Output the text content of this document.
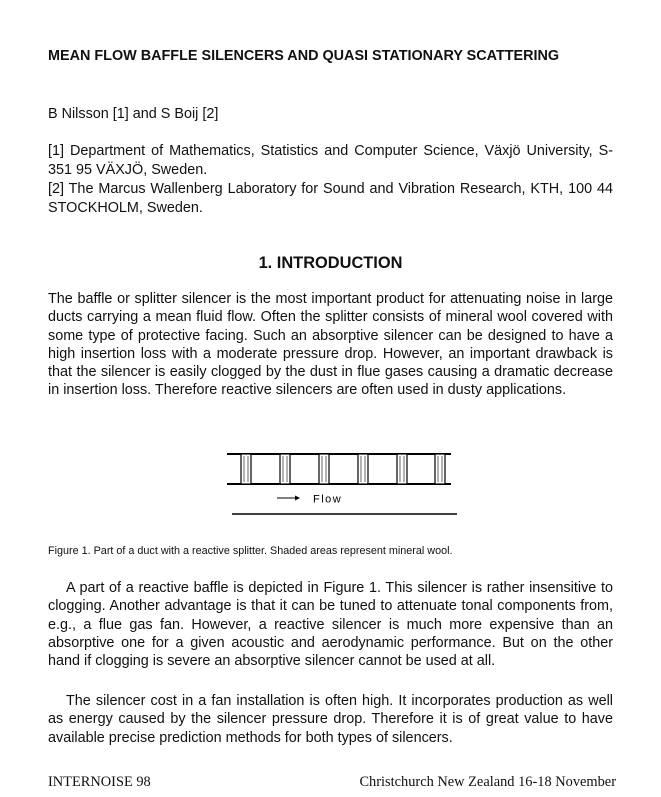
MEAN FLOW BAFFLE SILENCERS AND QUASI STATIONARY SCATTERING

B Nilsson [1] and S Boij [2]

[1] Department of Mathematics, Statistics and Computer Science, Växjö University, S-351 95 VÄXJÖ, Sweden.

[2] The Marcus Wallenberg Laboratory for Sound and Vibration Research, KTH, 100 44 STOCKHOLM, Sweden.

1. INTRODUCTION

The baffle or splitter silencer is the most important product for attenuating noise in large ducts carrying a mean fluid flow. Often the splitter consists of mineral wool covered with some type of protective facing. Such an absorptive silencer can be designed to have a high insertion loss with a moderate pressure drop. However, an important drawback is that the silencer is easily clogged by the dust in flue gases causing a dramatic decrease in insertion loss. Therefore reactive silencers are often used in dusty applications.

Flow

Figure 1. Part of a duct with a reactive splitter. Shaded areas represent mineral wool.

A part of a reactive baffle is depicted in Figure 1. This silencer is rather insensitive to clogging. Another advantage is that it can be tuned to attenuate tonal components from, e.g., a flue gas fan. However, a reactive silencer is much more expensive than an absorptive one for a given acoustic and aerodynamic performance. But on the other hand if clogging is severe an absorptive silencer cannot be used at all.

The silencer cost in a fan installation is often high. It incorporates production as well as energy caused by the silencer pressure drop. Therefore it is of great value to have available precise prediction methods for both types of silencers.

INTERNOISE 98	Christchurch New Zealand 16-18 November
